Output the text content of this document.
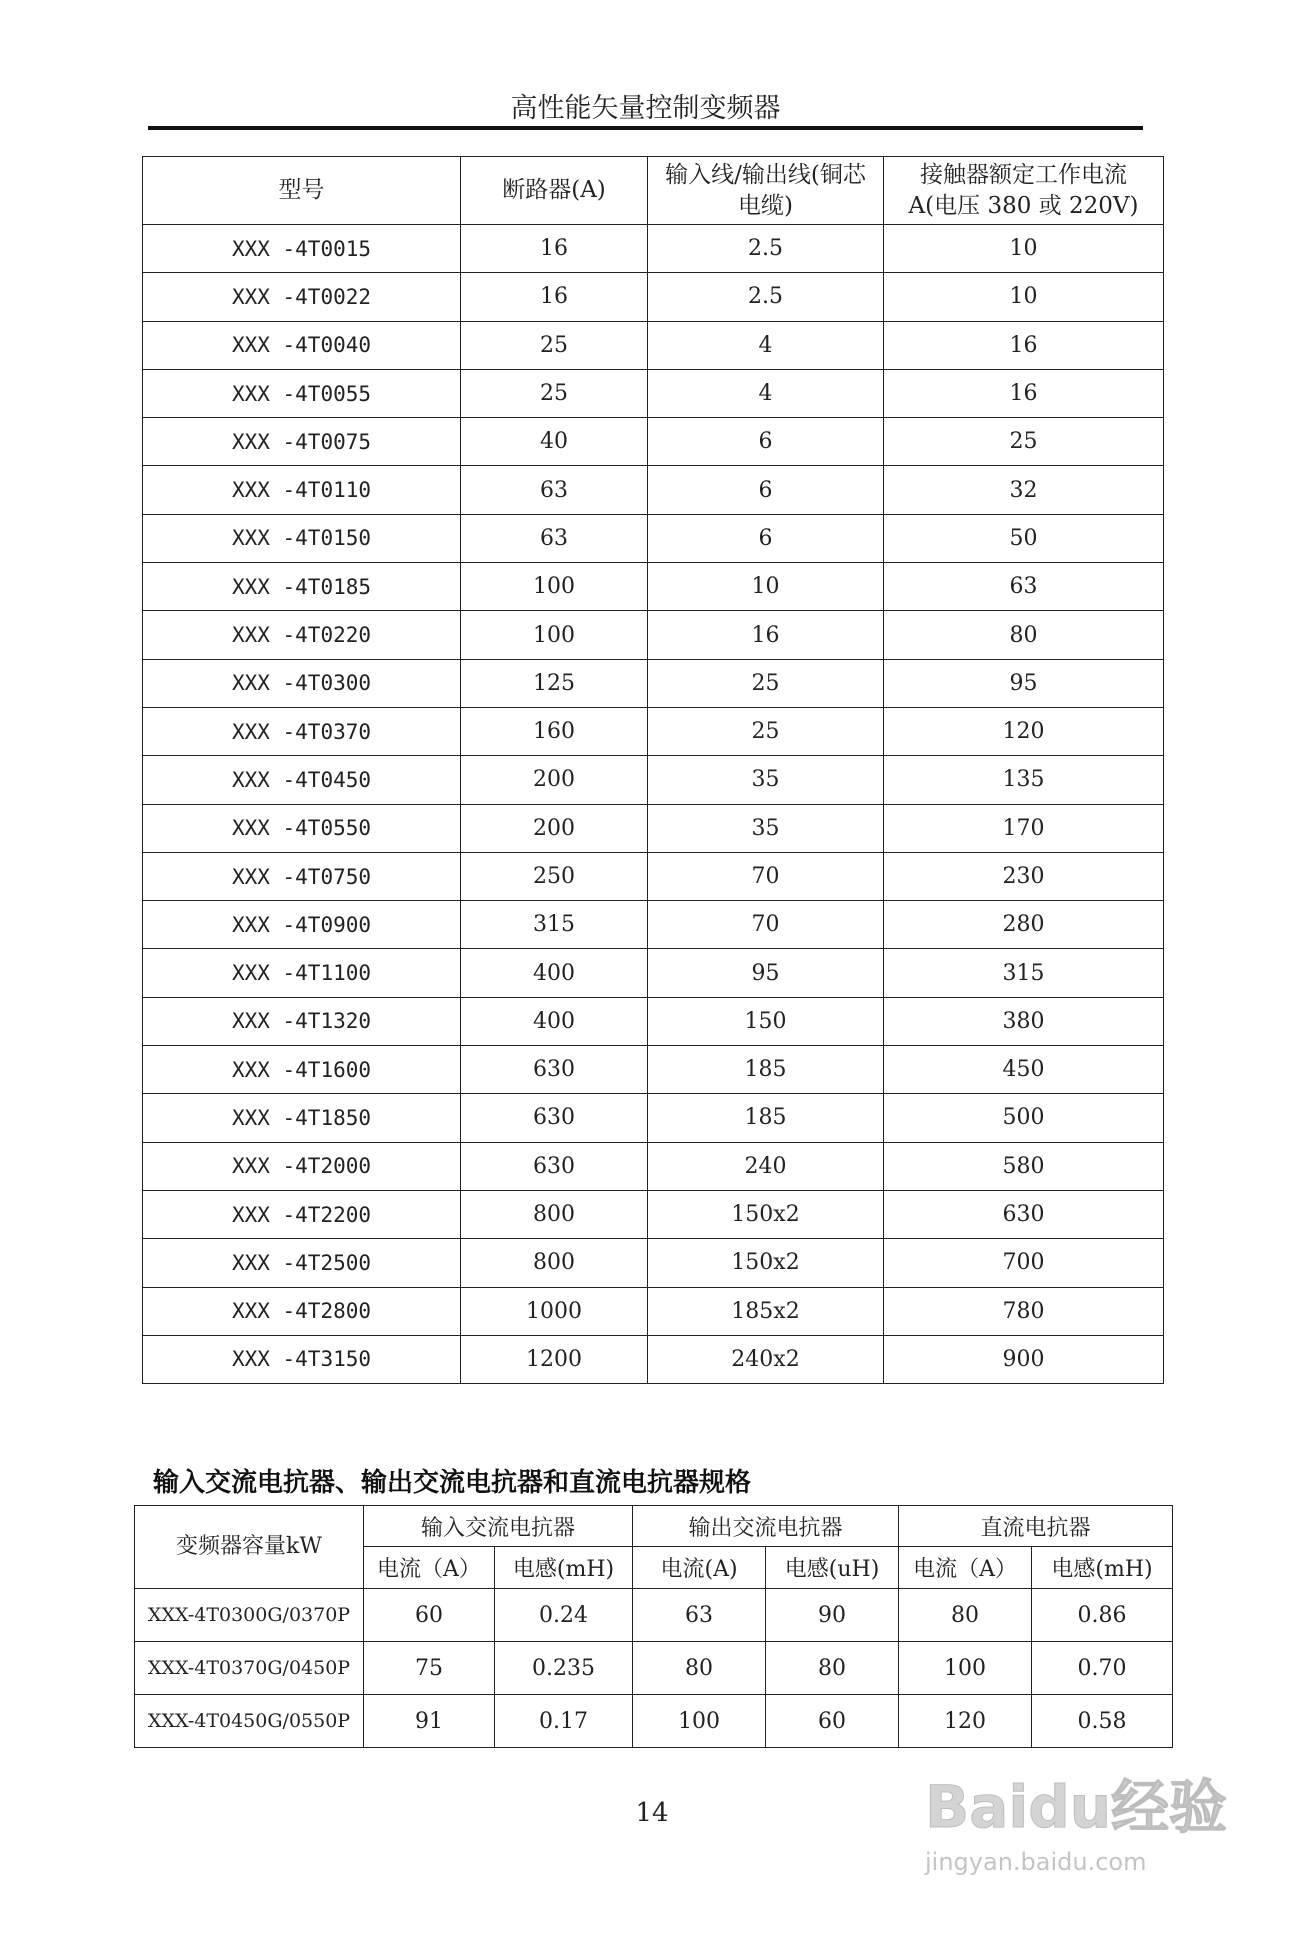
高性能矢量控制变频器
型号	断路器(A)	输入线/输出线(铜芯电缆)	接触器额定工作电流A(电压 380 或 220V)
XXX -4T0015	16	2.5	10
XXX -4T0022	16	2.5	10
XXX -4T0040	25	4	16
XXX -4T0055	25	4	16
XXX -4T0075	40	6	25
XXX -4T0110	63	6	32
XXX -4T0150	63	6	50
XXX -4T0185	100	10	63
XXX -4T0220	100	16	80
XXX -4T0300	125	25	95
XXX -4T0370	160	25	120
XXX -4T0450	200	35	135
XXX -4T0550	200	35	170
XXX -4T0750	250	70	230
XXX -4T0900	315	70	280
XXX -4T1100	400	95	315
XXX -4T1320	400	150	380
XXX -4T1600	630	185	450
XXX -4T1850	630	185	500
XXX -4T2000	630	240	580
XXX -4T2200	800	150x2	630
XXX -4T2500	800	150x2	700
XXX -4T2800	1000	185x2	780
XXX -4T3150	1200	240x2	900
输入交流电抗器、输出交流电抗器和直流电抗器规格
变频器容量kW	输入交流电抗器		输出交流电抗器		直流电抗器	
	电流（A）	电感(mH)	电流(A)	电感(uH)	电流（A）	电感(mH)
XXX-4T0300G/0370P	60	0.24	63	90	80	0.86
XXX-4T0370G/0450P	75	0.235	80	80	100	0.70
XXX-4T0450G/0550P	91	0.17	100	60	120	0.58
14	Baidu经验
jingyan.baidu.com
